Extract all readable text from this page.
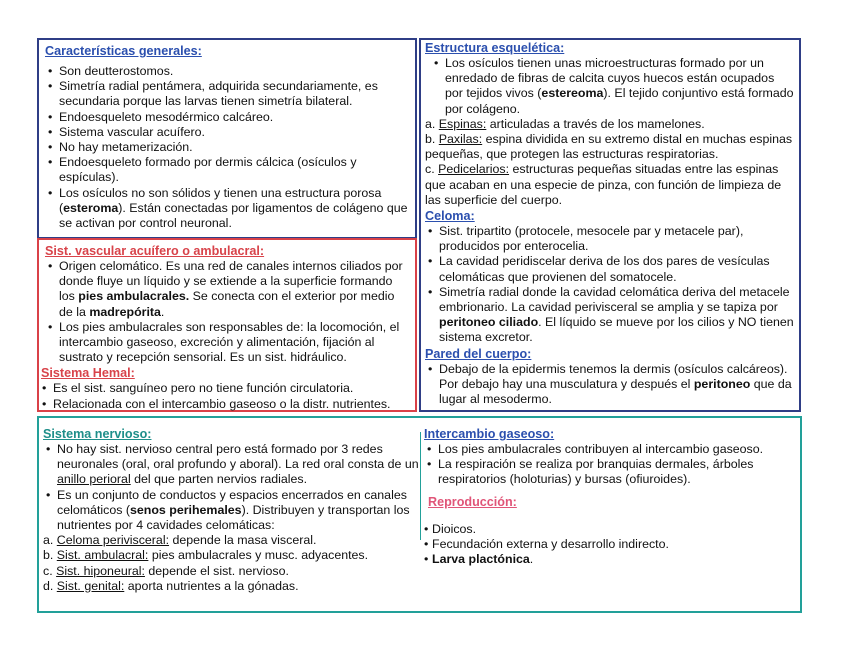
Características generales:
• Son deutterostomos.
• Simetría radial pentámera, adquirida secundariamente, es secundaria porque las larvas tienen simetría bilateral.
• Endoesqueleto mesodérmico calcáreo.
• Sistema vascular acuífero.
• No hay metamerización.
• Endoesqueleto formado por dermis cálcica (osículos y espículas).
• Los osículos no son sólidos y tienen una estructura porosa (esteroma). Están conectadas por ligamentos de colágeno que se activan por control neuronal.
Sist. vascular acuífero o ambulacral:
• Origen celomático. Es una red de canales internos ciliados por donde fluye un líquido y se extiende a la superficie formando los pies ambulacrales. Se conecta con el exterior por medio de la madrepórita.
• Los pies ambulacrales son responsables de: la locomoción, el intercambio gaseoso, excreción y alimentación, fijación al sustrato y recepción sensorial. Es un sist. hidráulico.
Sistema Hemal:
• Es el sist. sanguíneo pero no tiene función circulatoria.
• Relacionada con el intercambio gaseoso o la distr. nutrientes.
Estructura esquelética:
• Los osículos tienen unas microestructuras formado por un enredado de fibras de calcita cuyos huecos están ocupados por tejidos vivos (estereoma). El tejido conjuntivo está formado por colágeno.

a. Espinas: articuladas a través de los mamelones.

b. Paxilas: espina dividida en su extremo distal en muchas espinas pequeñas, que protegen las estructuras respiratorias.

c. Pedicelarios: estructuras pequeñas situadas entre las espinas que acaban en una especie de pinza, con función de limpieza de las superficie del cuerpo.

Celoma:
• Sist. tripartito (protocele, mesocele par y metacele par), producidos por enterocelia.
• La cavidad peridiscelar deriva de los dos pares de vesículas celomáticas que provienen del somatocele.
• Simetría radial donde la cavidad celomática deriva del metacele embrionario. La cavidad perivisceral se amplia y se tapiza por peritoneo ciliado. El líquido se mueve por los cilios y NO tienen sistema excretor.
Pared del cuerpo:
• Debajo de la epidermis tenemos la dermis (osículos calcáreos). Por debajo hay una musculatura y después el peritoneo que da lugar al mesodermo.
Sistema nervioso:
• No hay sist. nervioso central pero está formado por 3 redes neuronales (oral, oral profundo y aboral). La red oral consta de un anillo perioral del que parten nervios radiales.
• Es un conjunto de conductos y espacios encerrados en canales celomáticos (senos perihemales). Distribuyen y transportan los nutrientes por 4 cavidades celomáticas:

a. Celoma perivisceral: depende la masa visceral.

b. Sist. ambulacral: pies ambulacrales y musc. adyacentes.

c. Sist. hiponeural: depende el sist. nervioso.

d. Sist. genital: aporta nutrientes a la gónadas.

Intercambio gaseoso:
• Los pies ambulacrales contribuyen al intercambio gaseoso.
• La respiración se realiza por branquias dermales, árboles respiratorios (holoturias) y bursas (ofiuroides).
Reproducción:
• Dioicos.
• Fecundación externa y desarrollo indirecto.
• Larva plactónica.
